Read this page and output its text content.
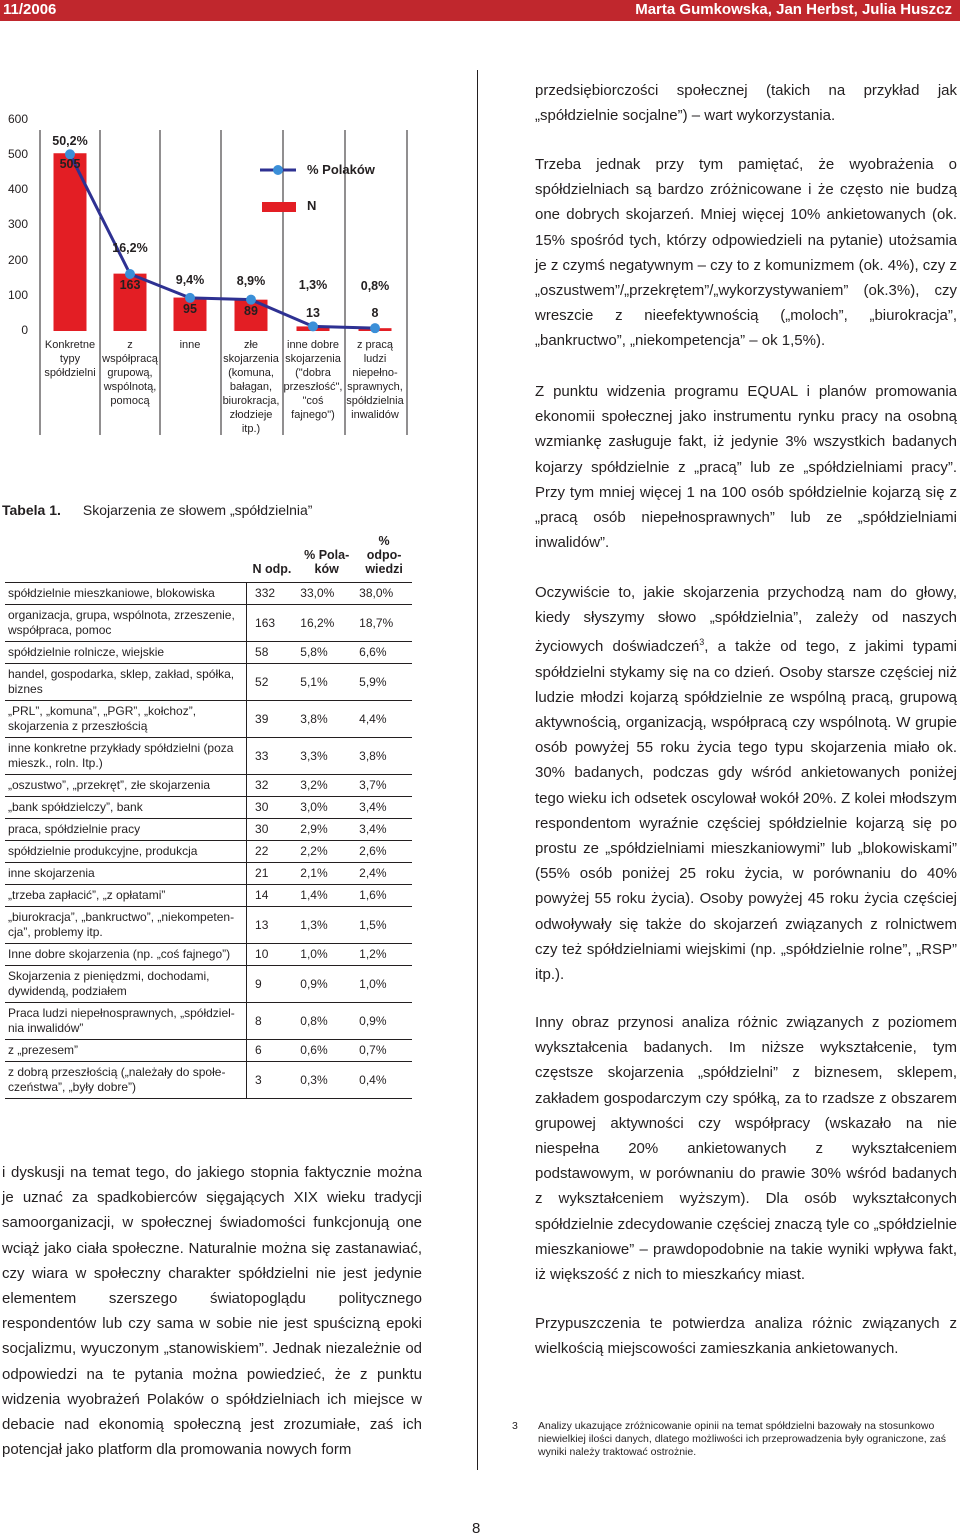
11/2006	Marta Gumkowska, Jan Herbst, Julia Huszcz
600
500
400
300
200
100
0
505
163
95	89	13	8
50,2%
16,2%
9,4%	8,9%	1,3%	0,8%
Konkretne
typy
spółdzielni
z współpracą
grupową,
wspólnotą,
pomocą
inne	złe
skojarzenia
(komuna,
bałagan,
biurokracja,
złodzieje itp.)
inne dobre
skojarzenia
("dobra
przeszłość",
"coś fajnego")
z pracą
ludzi
niepełno-
sprawnych,
spółdzielnia
inwalidów
% Polaków
N
Tabela 1. Skojarzenia ze słowem „spółdzielnia”
	N odp.	% Pola-ków	% odpo-wiedzi
spółdzielnie mieszkaniowe, blokowiska	332	33,0%	38,0%
organizacja, grupa, wspólnota, zrzeszenie, współpraca, pomoc	163	16,2%	18,7%
spółdzielnie rolnicze, wiejskie	58	5,8%	6,6%
handel, gospodarka, sklep, zakład, spółka, biznes	52	5,1%	5,9%
„PRL”, „komuna”, „PGR”, „kołchoz”, skojarzenia z przeszłością	39	3,8%	4,4%
inne konkretne przykłady spółdzielni (poza mieszk., roln. Itp.)	33	3,3%	3,8%
„oszustwo”, „przekręt”, złe skojarzenia	32	3,2%	3,7%
„bank spółdzielczy”, bank	30	3,0%	3,4%
praca, spółdzielnie pracy	30	2,9%	3,4%
spółdzielnie produkcyjne, produkcja	22	2,2%	2,6%
inne skojarzenia	21	2,1%	2,4%
„trzeba zapłacić”, „z opłatami”	14	1,4%	1,6%
„biurokracja”, „bankructwo”, „niekompeten-cja”, problemy itp.	13	1,3%	1,5%
Inne dobre skojarzenia (np. „coś fajnego”)	10	1,0%	1,2%
Skojarzenia z pieniędzmi, dochodami, dywidendą, podziałem	9	0,9%	1,0%
Praca ludzi niepełnosprawnych, „spółdziel-nia inwalidów”	8	0,8%	0,9%
z „prezesem”	6	0,6%	0,7%
z dobrą przeszłością („należały do społe-czeństwa”, „były dobre”)	3	0,3%	0,4%
i dyskusji na temat tego, do jakiego stopnia faktycznie można je uznać za spadkobierców sięgających XIX wieku tradycji samoorganizacji, w społecznej świadomości funkcjonują one wciąż jako ciała społeczne. Naturalnie można się zastanawiać, czy wiara w społeczny charakter spółdzielni nie jest jedynie elementem szerszego światopoglądu politycznego respondentów lub czy sama w sobie nie jest spuścizną epoki socjalizmu, wyuczonym „stanowiskiem”. Jednak niezależnie od odpowiedzi na te pytania można powiedzieć, że z punktu widzenia wyobrażeń Polaków o spółdzielniach ich miejsce w debacie nad ekonomią społeczną jest zrozumiałe, zaś ich potencjał jako platform dla promowania nowych form
przedsiębiorczości społecznej (takich na przykład jak „spółdzielnie socjalne”) – wart wykorzystania.
Trzeba jednak przy tym pamiętać, że wyobrażenia o spółdzielniach są bardzo zróżnicowane i że często nie budzą one dobrych skojarzeń. Mniej więcej 10% ankietowanych (ok. 15% spośród tych, którzy odpowiedzieli na pytanie) utożsamia je z czymś negatywnym – czy to z komunizmem (ok. 4%), czy z „oszustwem”/„przekrętem”/„wykorzystywaniem” (ok.3%), czy wreszcie z nieefektywnością („moloch”, „biurokracja”, „bankructwo”, „niekompetencja” – ok 1,5%).
Z punktu widzenia programu EQUAL i planów promowania ekonomii społecznej jako instrumentu rynku pracy na osobną wzmiankę zasługuje fakt, iż jedynie 3% wszystkich badanych kojarzy spółdzielnie z „pracą” lub ze „spółdzielniami pracy”. Przy tym mniej więcej 1 na 100 osób spółdzielnie kojarzą się z „pracą osób niepełnosprawnych” lub ze „spółdzielniami inwalidów”.
Oczywiście to, jakie skojarzenia przychodzą nam do głowy, kiedy słyszymy słowo „spółdzielnia”, zależy od naszych życiowych doświadczeń$^3$, a także od tego, z jakimi typami spółdzielni stykamy się na co dzień. Osoby starsze częściej niż ludzie młodzi kojarzą spółdzielnie ze wspólną pracą, grupową aktywnością, organizacją, współpracą czy wspólnotą. W grupie osób powyżej 55 roku życia tego typu skojarzenia miało ok. 30% badanych, podczas gdy wśród ankietowanych poniżej tego wieku ich odsetek oscylował wokół 20%. Z kolei młodszym respondentom wyraźnie częściej spółdzielnie kojarzą się po prostu ze „spółdzielniami mieszkaniowymi” lub „blokowiskami” (55% osób poniżej 25 roku życia, w porównaniu do 40% powyżej 55 roku życia). Osoby powyżej 45 roku życia częściej odwoływały się także do skojarzeń związanych z rolnictwem czy też spółdzielniami wiejskimi (np. „spółdzielnie rolne”, „RSP” itp.).
Inny obraz przynosi analiza różnic związanych z poziomem wykształcenia badanych. Im niższe wykształcenie, tym częstsze skojarzenia „spółdzielni” z biznesem, sklepem, zakładem gospodarczym czy spółką, za to rzadsze z obszarem grupowej aktywności czy współpracy (wskazało na nie niespełna 20% ankietowanych z wykształceniem podstawowym, w porównaniu do prawie 30% wśród badanych z wykształceniem wyższym). Dla osób wykształconych spółdzielnie zdecydowanie częściej znaczą tyle co „spółdzielnie mieszkaniowe” – prawdopodobnie na takie wyniki wpływa fakt, iż większość z nich to mieszkańcy miast.
Przypuszczenia te potwierdza analiza różnic związanych z wielkością miejscowości zamieszkania ankietowanych.
3 Analizy ukazujące zróżnicowanie opinii na temat spółdzielni bazowały na stosunkowo niewielkiej ilości danych, dlatego możliwości ich przeprowadzenia były ograniczone, zaś wyniki należy traktować ostrożnie.
8
